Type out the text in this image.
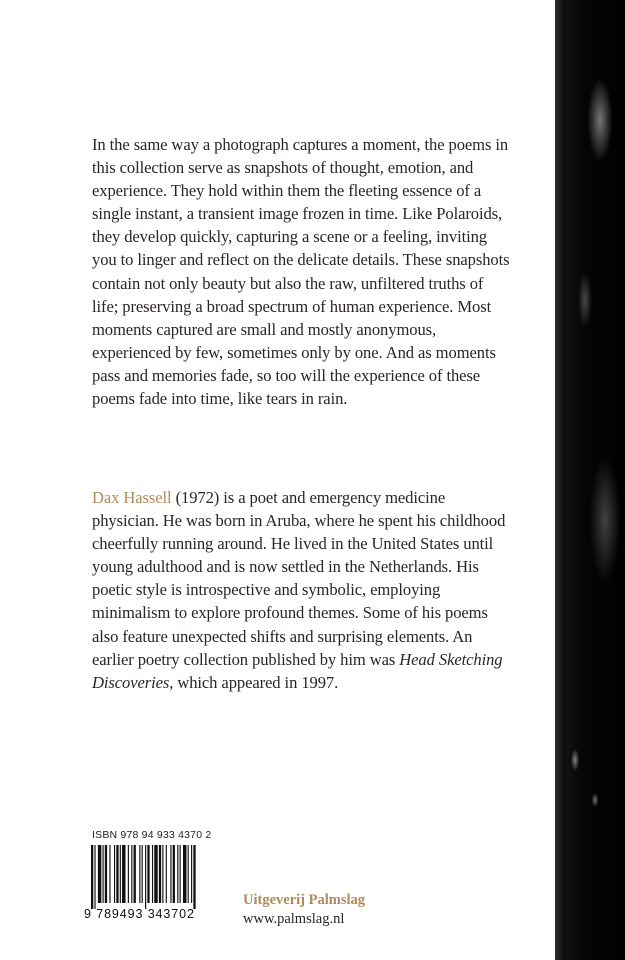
In the same way a photograph captures a moment, the poems in this collection serve as snapshots of thought, emotion, and experience. They hold within them the fleeting essence of a single instant, a transient image frozen in time. Like Polaroids, they develop quickly, capturing a scene or a feeling, inviting you to linger and reflect on the delicate details. These snapshots contain not only beauty but also the raw, unfiltered truths of life; preserving a broad spectrum of human experience. Most moments captured are small and mostly anonymous, experienced by few, sometimes only by one. And as moments pass and memories fade, so too will the experience of these poems fade into time, like tears in rain.

Dax Hassell (1972) is a poet and emergency medicine physician. He was born in Aruba, where he spent his childhood cheerfully running around. He lived in the United States until young adulthood and is now settled in the Netherlands. His poetic style is introspective and symbolic, employing minimalism to explore profound themes. Some of his poems also feature unexpected shifts and surprising elements. An earlier poetry collection published by him was Head Sketching Discoveries, which appeared in 1997.

ISBN 978 94 933 4370 2
9 789493 343702
Uitgeverij Palmslag
www.palmslag.nl
